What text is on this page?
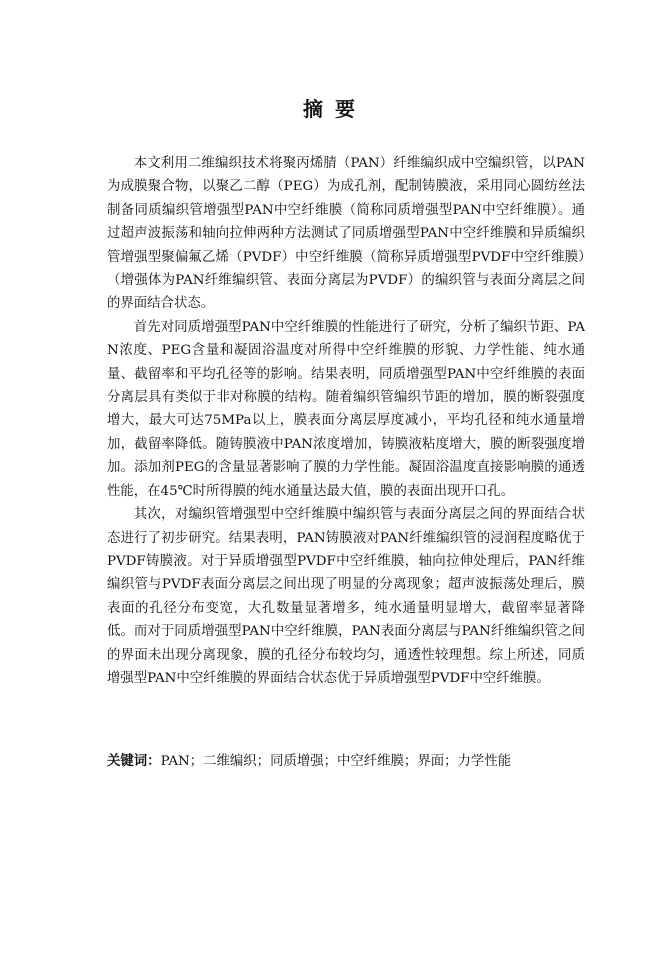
摘要

本文利用二维编织技术将聚丙烯腈（PAN）纤维编织成中空编织管，以PAN为成膜聚合物，以聚乙二醇（PEG）为成孔剂，配制铸膜液，采用同心圆纺丝法制备同质编织管增强型PAN中空纤维膜（简称同质增强型PAN中空纤维膜）。通过超声波振荡和轴向拉伸两种方法测试了同质增强型PAN中空纤维膜和异质编织管增强型聚偏氟乙烯（PVDF）中空纤维膜（简称异质增强型PVDF中空纤维膜）（增强体为PAN纤维编织管、表面分离层为PVDF）的编织管与表面分离层之间的界面结合状态。

首先对同质增强型PAN中空纤维膜的性能进行了研究，分析了编织节距、PAN浓度、PEG含量和凝固浴温度对所得中空纤维膜的形貌、力学性能、纯水通量、截留率和平均孔径等的影响。结果表明，同质增强型PAN中空纤维膜的表面分离层具有类似于非对称膜的结构。随着编织管编织节距的增加，膜的断裂强度增大，最大可达75MPa以上，膜表面分离层厚度减小，平均孔径和纯水通量增加，截留率降低。随铸膜液中PAN浓度增加，铸膜液粘度增大，膜的断裂强度增加。添加剂PEG的含量显著影响了膜的力学性能。凝固浴温度直接影响膜的通透性能，在45℃时所得膜的纯水通量达最大值，膜的表面出现开口孔。

其次，对编织管增强型中空纤维膜中编织管与表面分离层之间的界面结合状态进行了初步研究。结果表明，PAN铸膜液对PAN纤维编织管的浸润程度略优于PVDF铸膜液。对于异质增强型PVDF中空纤维膜，轴向拉伸处理后，PAN纤维编织管与PVDF表面分离层之间出现了明显的分离现象；超声波振荡处理后，膜表面的孔径分布变宽，大孔数量显著增多，纯水通量明显增大，截留率显著降低。而对于同质增强型PAN中空纤维膜，PAN表面分离层与PAN纤维编织管之间的界面未出现分离现象，膜的孔径分布较均匀，通透性较理想。综上所述，同质增强型PAN中空纤维膜的界面结合状态优于异质增强型PVDF中空纤维膜。

关键词：PAN；二维编织；同质增强；中空纤维膜；界面；力学性能
